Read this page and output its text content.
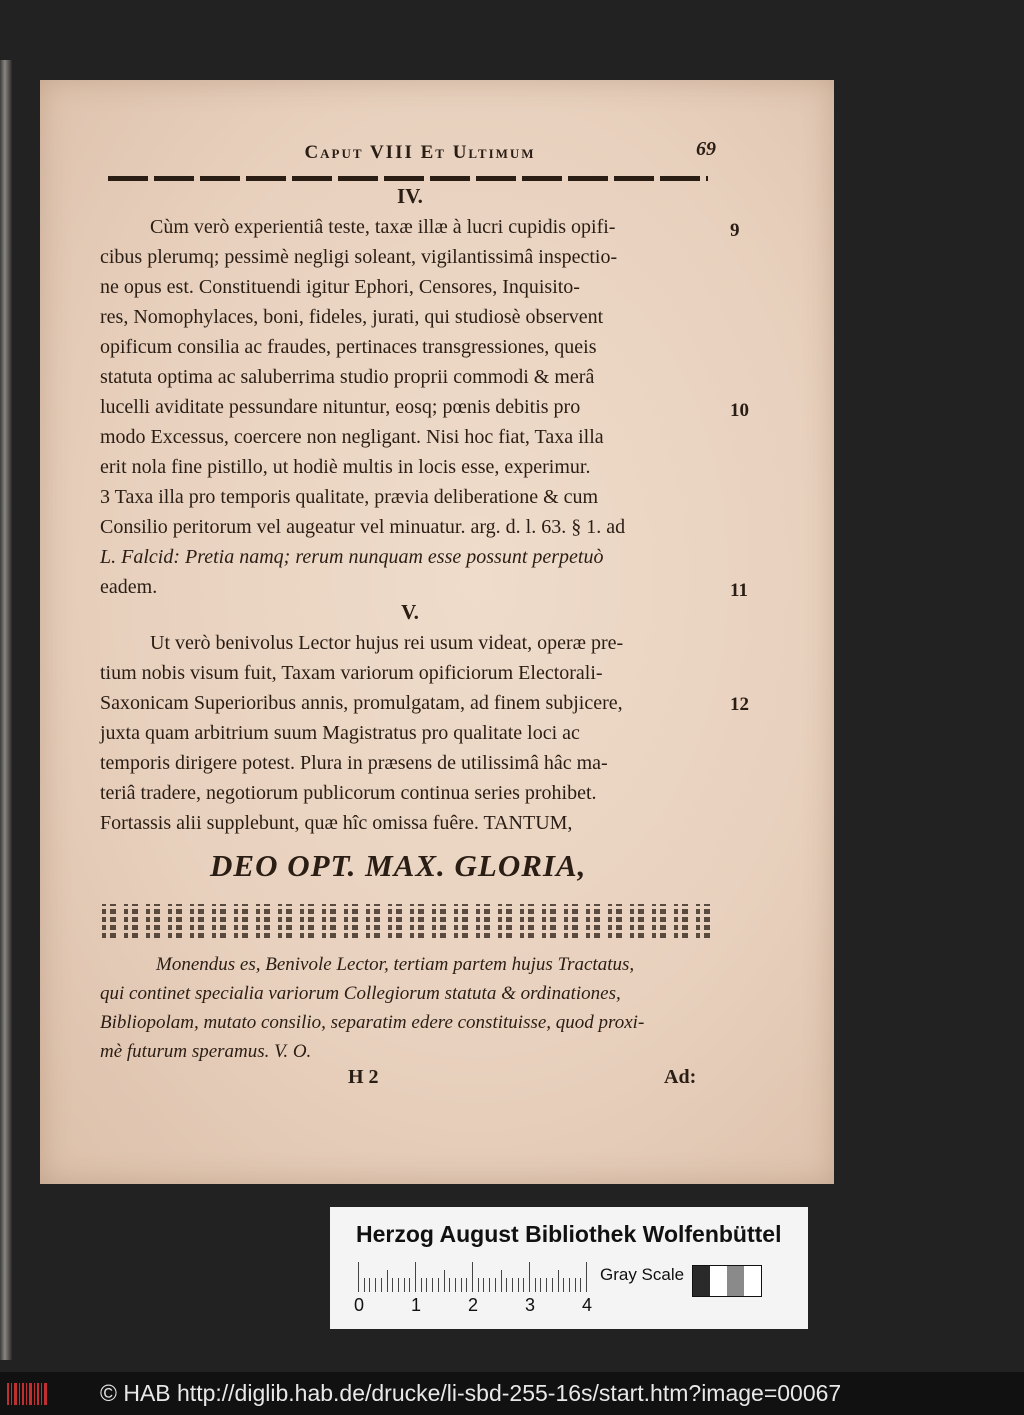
Caput VIII Et Ultimum	69
IV.
Cùm verò experientiâ teste, taxæ illæ à lucri cupidis opifi-
cibus plerumq; pessimè negligi soleant, vigilantissimâ inspectio-
ne opus est. Constituendi igitur Ephori, Censores, Inquisito-
res, Nomophylaces, boni, fideles, jurati, qui studiosè observent
opificum consilia ac fraudes, pertinaces transgressiones, queis
statuta optima ac saluberrima studio proprii commodi & merâ
lucelli aviditate pessundare nituntur, eosq; pœnis debitis pro
modo Excessus, coercere non negligant. Nisi hoc fiat, Taxa illa
erit nola fine pistillo, ut hodiè multis in locis esse, experimur.
3 Taxa illa pro temporis qualitate, prævia deliberatione & cum
Consilio peritorum vel augeatur vel minuatur. arg. d. l. 63. § 1. ad
L. Falcid: Pretia namq; rerum nunquam esse possunt perpetuò
eadem.
V.
Ut verò benivolus Lector hujus rei usum videat, operæ pre-
tium nobis visum fuit, Taxam variorum opificiorum Electorali-
Saxonicam Superioribus annis, promulgatam, ad finem subjicere,
juxta quam arbitrium suum Magistratus pro qualitate loci ac
temporis dirigere potest. Plura in præsens de utilissimâ hâc ma-
teriâ tradere, negotiorum publicorum continua series prohibet.
Fortassis alii supplebunt, quæ hîc omissa fuêre. TANTUM,
9
10
11
12
DEO OPT. MAX. GLORIA,
Monendus es, Benivole Lector, tertiam partem hujus Tractatus,
qui continet specialia variorum Collegiorum statuta & ordinationes,
Bibliopolam, mutato consilio, separatim edere constituisse, quod proxi-
mè futurum speramus. V. O.
H 2	Ad:
Herzog August Bibliothek Wolfenbüttel
0	1	2	3	4
Gray Scale
© HAB http://diglib.hab.de/drucke/li-sbd-255-16s/start.htm?image=00067
